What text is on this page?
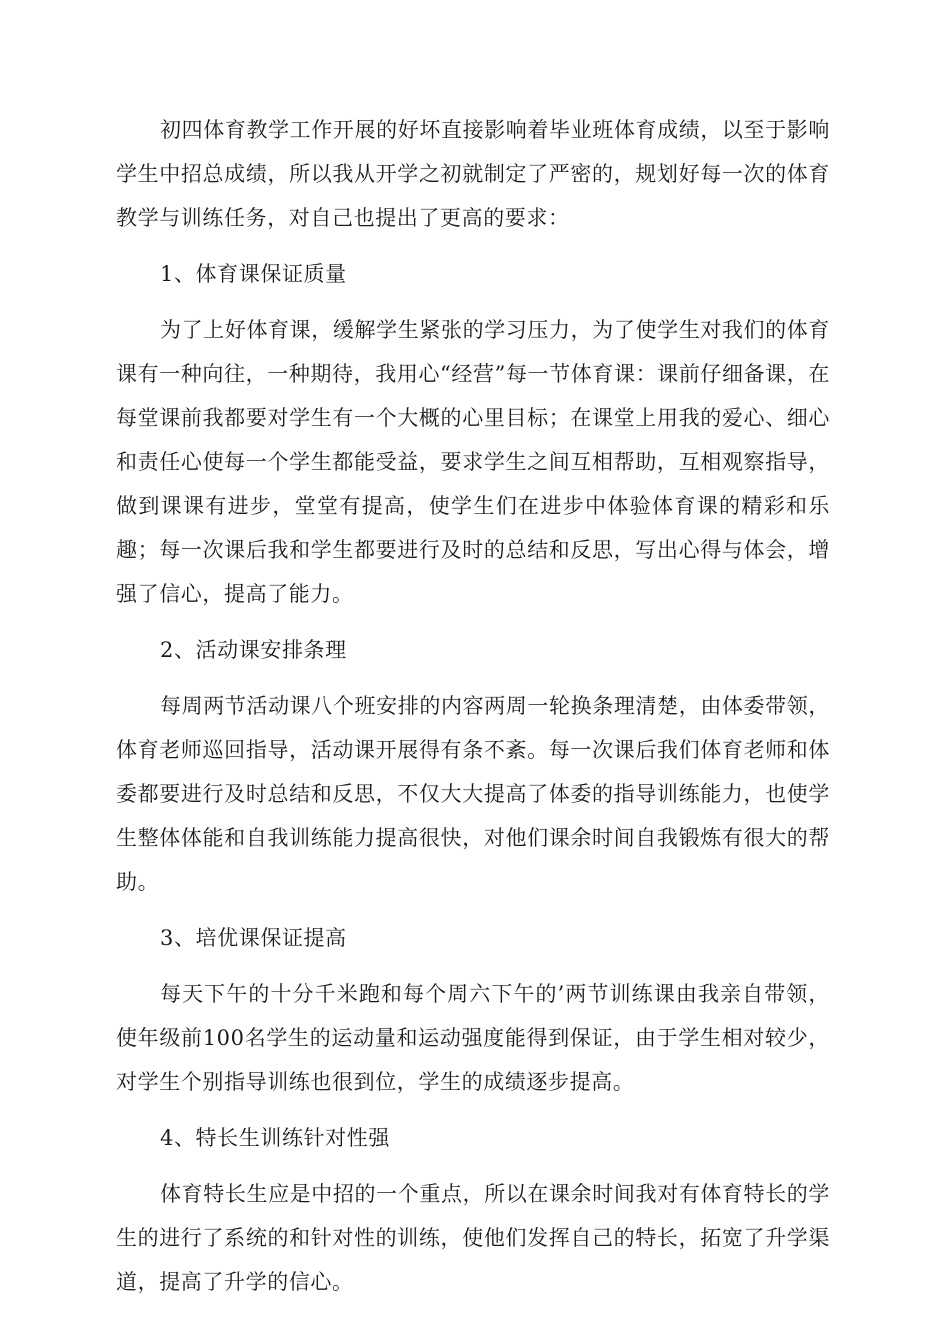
初四体育教学工作开展的好坏直接影响着毕业班体育成绩，以至于影响学生中招总成绩，所以我从开学之初就制定了严密的，规划好每一次的体育教学与训练任务，对自己也提出了更高的要求：

1、体育课保证质量

为了上好体育课，缓解学生紧张的学习压力，为了使学生对我们的体育课有一种向往，一种期待，我用心“经营”每一节体育课：课前仔细备课，在每堂课前我都要对学生有一个大概的心里目标；在课堂上用我的爱心、细心和责任心使每一个学生都能受益，要求学生之间互相帮助，互相观察指导，做到课课有进步，堂堂有提高，使学生们在进步中体验体育课的精彩和乐趣；每一次课后我和学生都要进行及时的总结和反思，写出心得与体会，增强了信心，提高了能力。

2、活动课安排条理

每周两节活动课八个班安排的内容两周一轮换条理清楚，由体委带领，体育老师巡回指导，活动课开展得有条不紊。每一次课后我们体育老师和体委都要进行及时总结和反思，不仅大大提高了体委的指导训练能力，也使学生整体体能和自我训练能力提高很快，对他们课余时间自我锻炼有很大的帮助。

3、培优课保证提高

每天下午的十分千米跑和每个周六下午的’两节训练课由我亲自带领，使年级前100名学生的运动量和运动强度能得到保证，由于学生相对较少，对学生个别指导训练也很到位，学生的成绩逐步提高。

4、特长生训练针对性强

体育特长生应是中招的一个重点，所以在课余时间我对有体育特长的学生的进行了系统的和针对性的训练，使他们发挥自己的特长，拓宽了升学渠道，提高了升学的信心。
